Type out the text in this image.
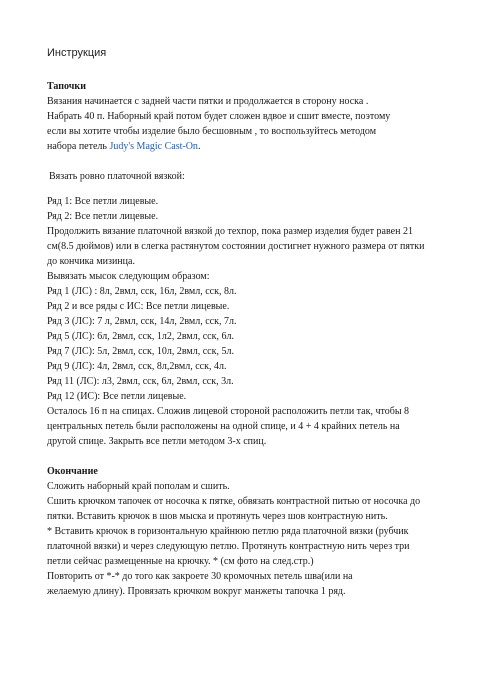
Инструкция
Тапочки
Вязания начинается с задней части пятки и продолжается в сторону носка .
Набрать 40 п. Наборный край потом будет сложен вдвое и сшит вместе, поэтому
если вы хотите чтобы изделие было бесшовным , то воспользуйтесь методом
набора петель Judy's Magic Cast-On.
Вязать ровно платочной вязкой:
Ряд 1: Все петли лицевые.
Ряд 2: Все петли лицевые.
Продолжить вязание платочной вязкой до техпор, пока размер изделия будет равен 21
см(8.5 дюймов) или в слегка растянутом состоянии достигнет нужного размера от пятки
до кончика мизинца.
Вывязать мысок следующим образом:
Ряд 1 (ЛС) : 8л, 2вмл, сск, 16л, 2вмл, сск, 8л.
Ряд 2 и все ряды с ИС: Все петли лицевые.
Ряд 3 (ЛС): 7 л, 2вмл, сск, 14л, 2вмл, сск, 7л.
Ряд 5 (ЛС): 6л, 2вмл, сск, 1л2, 2вмл, сск, 6л.
Ряд 7 (ЛС): 5л, 2вмл, сск, 10л, 2вмл, сск, 5л.
Ряд 9 (ЛС): 4л, 2вмл, сск, 8л,2вмл, сск, 4л.
Ряд 11 (ЛС): л3, 2вмл, сск, 6л, 2вмл, сск, 3л.
Ряд 12 (ИС): Все петли лицевые.
Осталось 16 п на спицах. Сложив лицевой стороной расположить петли так, чтобы 8
центральных петель были расположены на одной спице, и 4 + 4 крайних петель на
другой спице. Закрыть все петли методом 3-х спиц.
Окончание
Сложить наборный край пополам и сшить.
Сшить крючком тапочек от носочка к пятке, обвязать контрастной питью от носочка до
пятки. Вставить крючок в шов мыска и протянуть через шов контрастную нить.
* Вставить крючок в горизонтальную крайнюю петлю ряда платочной вязки (рубчик
платочной вязки) и через следующую петлю. Протянуть контрастную нить через три
петли сейчас размещенные на крючку. * (см фото на след.стр.)
Повторить от *-* до того как закроете 30 кромочных петель шва(или на
желаемую длину). Провязать крючком вокруг манжеты тапочка 1 ряд.
